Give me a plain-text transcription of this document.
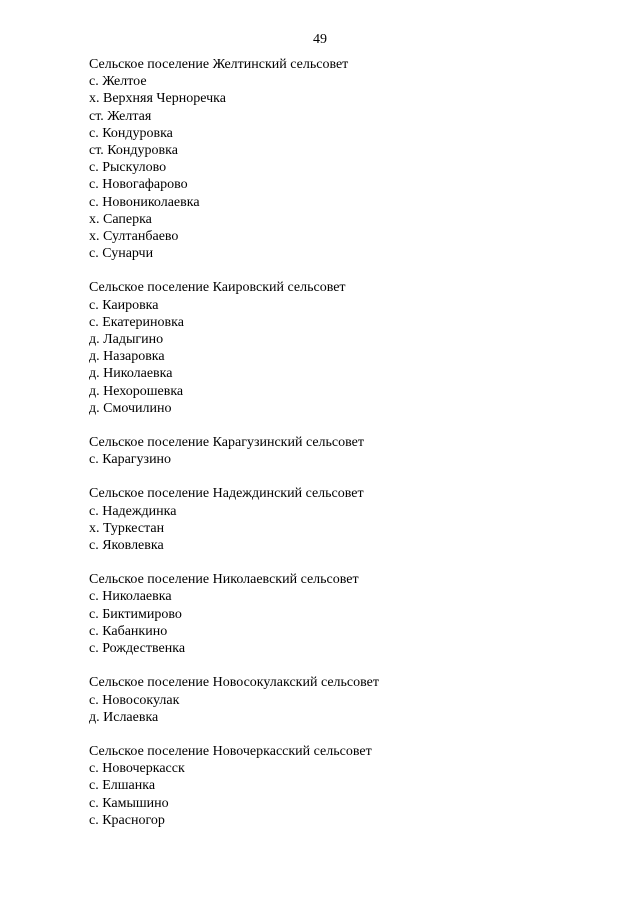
49
Сельское поселение Желтинский сельсовет
с. Желтое
х. Верхняя Черноречка
ст. Желтая
с. Кондуровка
ст. Кондуровка
с. Рыскулово
с. Новогафарово
с. Новониколаевка
х. Саперка
х. Султанбаево
с. Сунарчи
Сельское поселение Каировский сельсовет
с. Каировка
с. Екатериновка
д. Ладыгино
д. Назаровка
д. Николаевка
д. Нехорошевка
д. Смочилино
Сельское поселение Карагузинский сельсовет
с. Карагузино
Сельское поселение Надеждинский сельсовет
с. Надеждинка
х. Туркестан
с. Яковлевка
Сельское поселение Николаевский сельсовет
с. Николаевка
с. Биктимирово
с. Кабанкино
с. Рождественка
Сельское поселение Новосокулакский сельсовет
с. Новосокулак
д. Ислаевка
Сельское поселение Новочеркасский сельсовет
с. Новочеркасск
с. Елшанка
с. Камышино
с. Красногор
